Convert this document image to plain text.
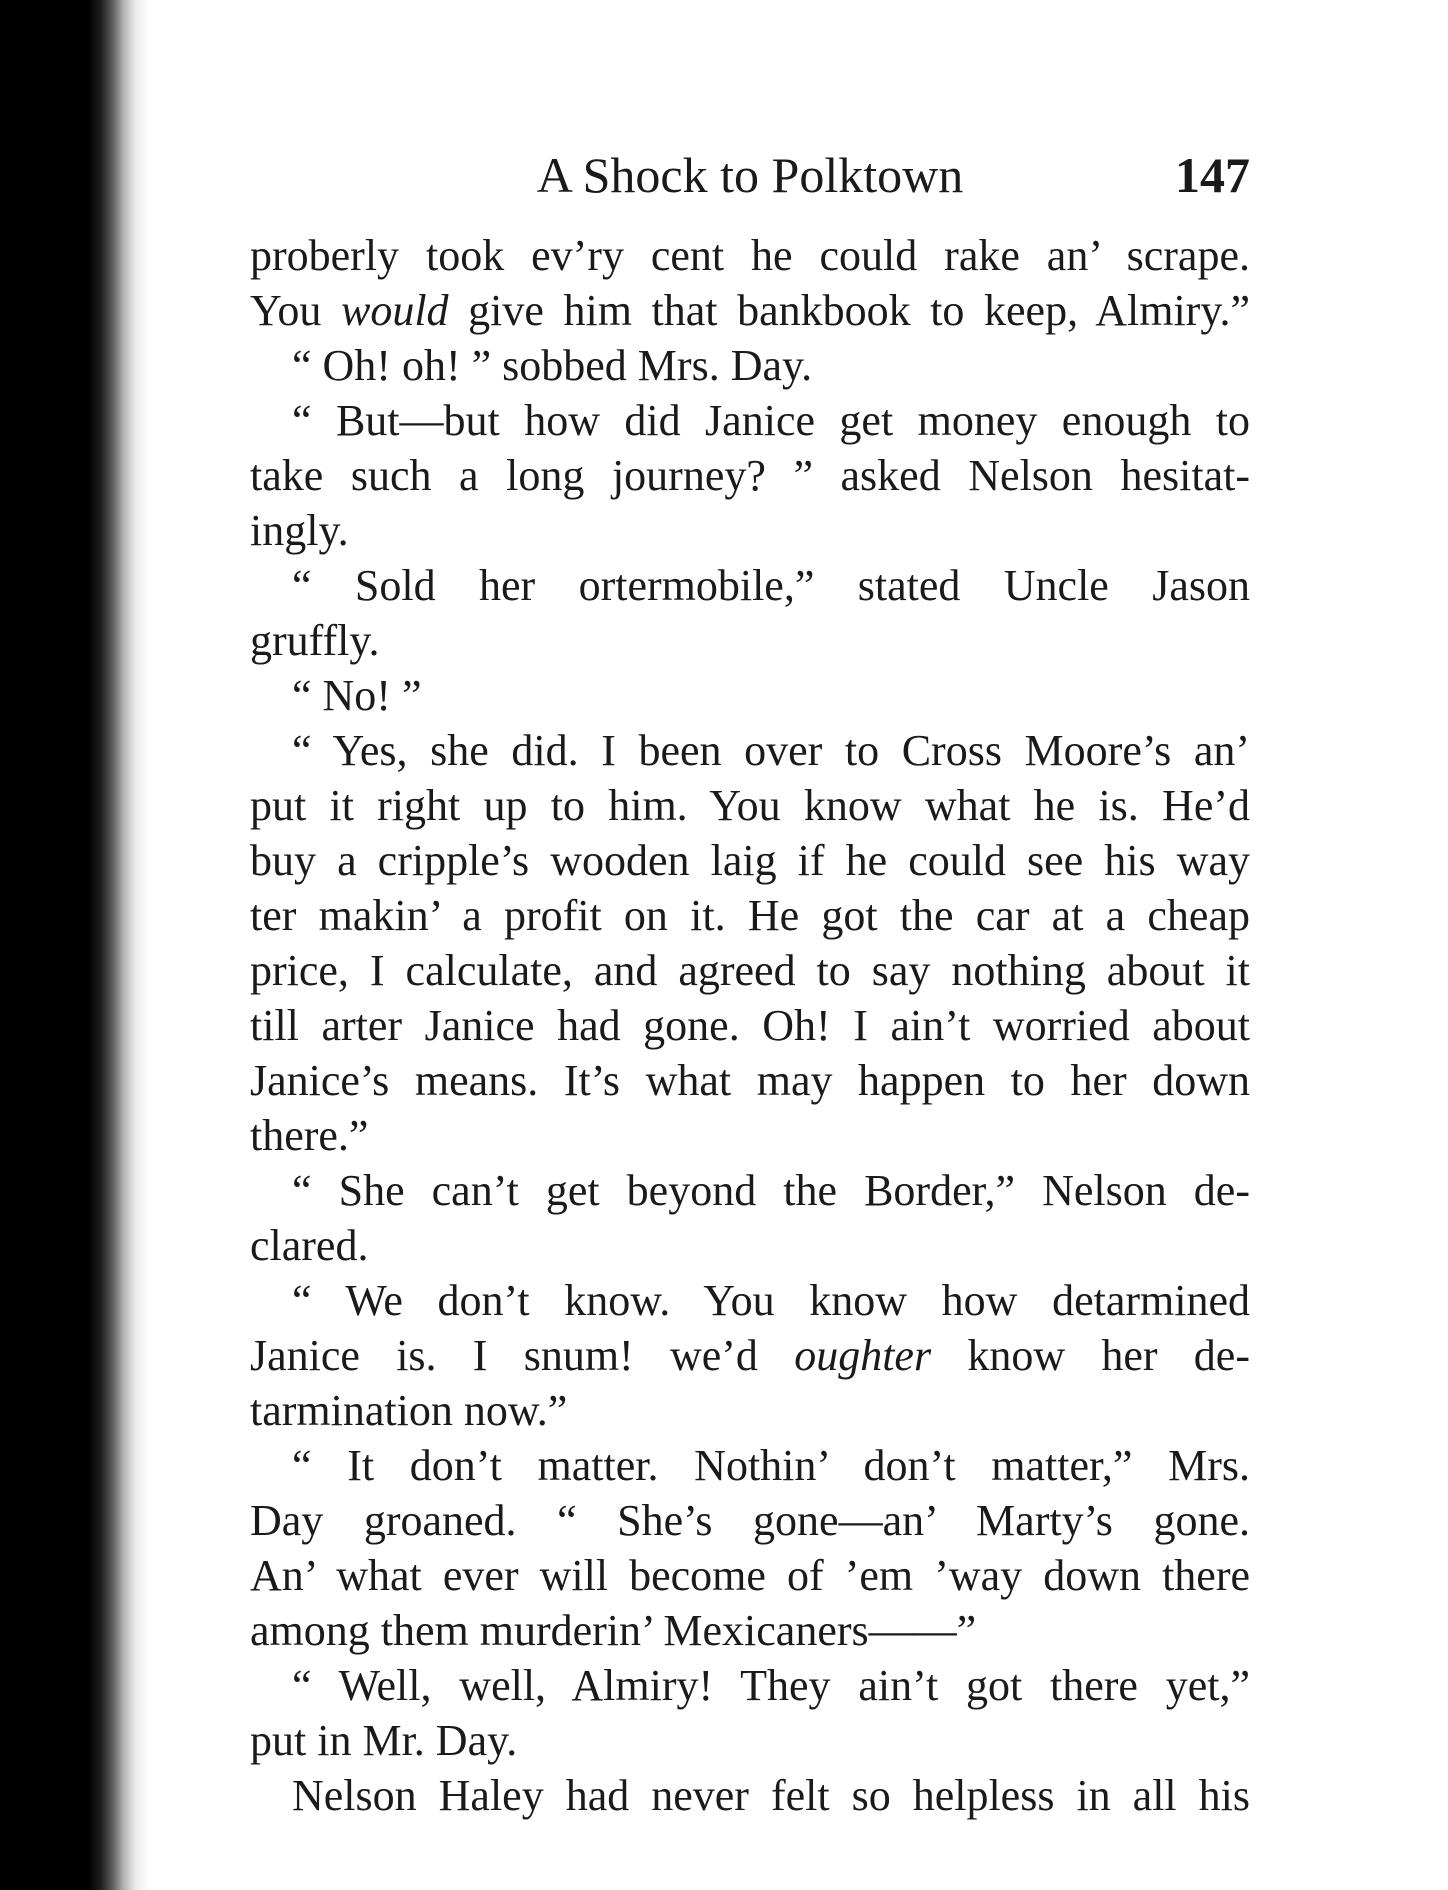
A Shock to Polktown	147
proberly took ev’ry cent he could rake an’ scrape.
You would give him that bankbook to keep, Almiry.”
“ Oh! oh! ” sobbed Mrs. Day.
“ But—but how did Janice get money enough to
take such a long journey? ” asked Nelson hesitat-
ingly.
“ Sold her ortermobile,” stated Uncle Jason
gruffly.
“ No! ”
“ Yes, she did. I been over to Cross Moore’s an’
put it right up to him. You know what he is. He’d
buy a cripple’s wooden laig if he could see his way
ter makin’ a profit on it. He got the car at a cheap
price, I calculate, and agreed to say nothing about it
till arter Janice had gone. Oh! I ain’t worried about
Janice’s means. It’s what may happen to her down
there.”
“ She can’t get beyond the Border,” Nelson de-
clared.
“ We don’t know. You know how detarmined
Janice is. I snum! we’d oughter know her de-
tarmination now.”
“ It don’t matter. Nothin’ don’t matter,” Mrs.
Day groaned. “ She’s gone—an’ Marty’s gone.
An’ what ever will become of ’em ’way down there
among them murderin’ Mexicaners——”
“ Well, well, Almiry! They ain’t got there yet,”
put in Mr. Day.
Nelson Haley had never felt so helpless in all his
